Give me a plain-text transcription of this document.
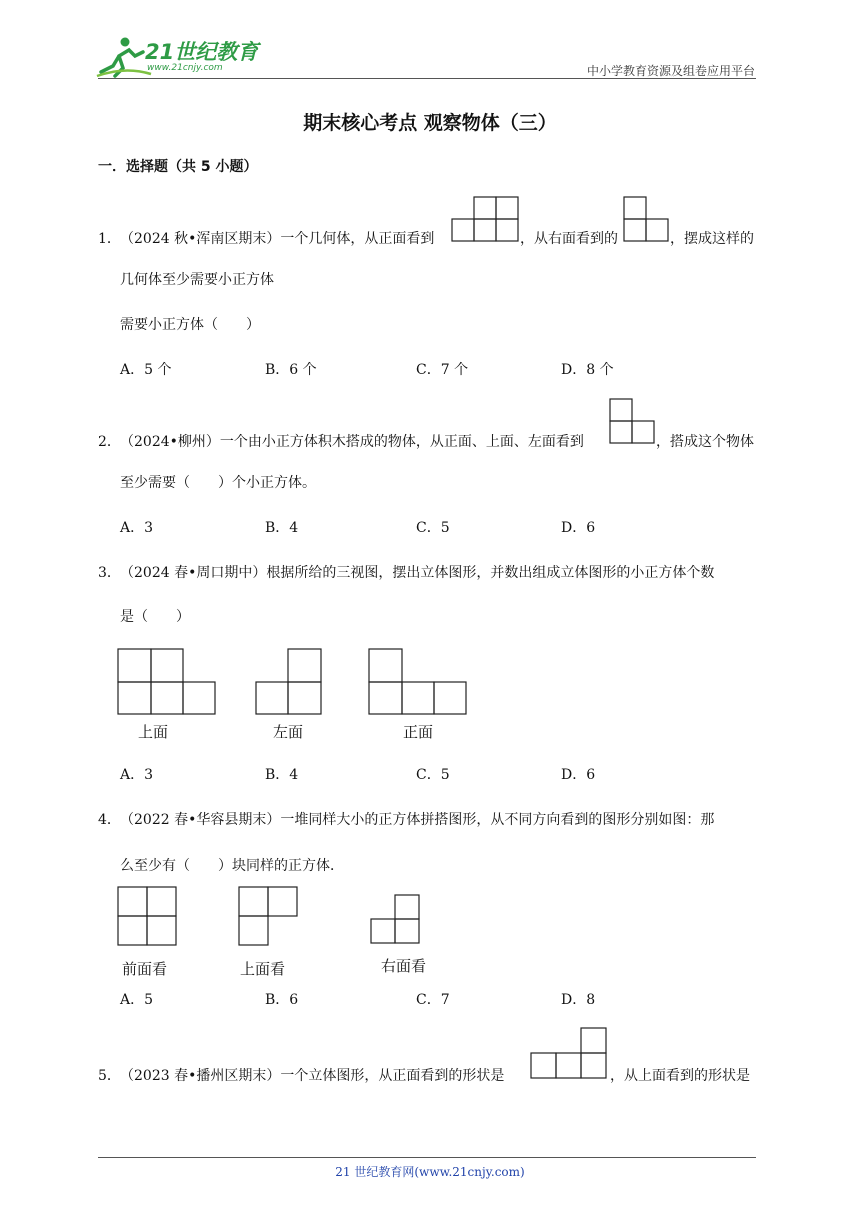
21世纪教育
www.21cnjy.com	中小学教育资源及组卷应用平台
期末核心考点 观察物体（三）
一．选择题（共 5 小题）
1． （2024 秋•浑南区期末）一个几何体，从正面看到	，从右面看到的	，摆成这样的
几何体至少需要小正方体
需要小正方体（　　）
A．5 个	B．6 个	C．7 个	D．8 个
2． （2024•柳州）一个由小正方体积木搭成的物体，从正面、上面、左面看到	，搭成这个物体
至少需要（　　）个小正方体。
A．3	B．4	C．5	D．6
3． （2024 春•周口期中）根据所给的三视图，摆出立体图形，并数出组成立体图形的小正方体个数
是（　　）
上面	左面	正面
A．3	B．4	C．5	D．6
4． （2022 春•华容县期末）一堆同样大小的正方体拼搭图形，从不同方向看到的图形分别如图：那
么至少有（　　）块同样的正方体．
前面看	上面看	右面看
A．5	B．6	C．7	D．8
5． （2023 春•播州区期末）一个立体图形，从正面看到的形状是	，从上面看到的形状是
21 世纪教育网(www.21cnjy.com)
